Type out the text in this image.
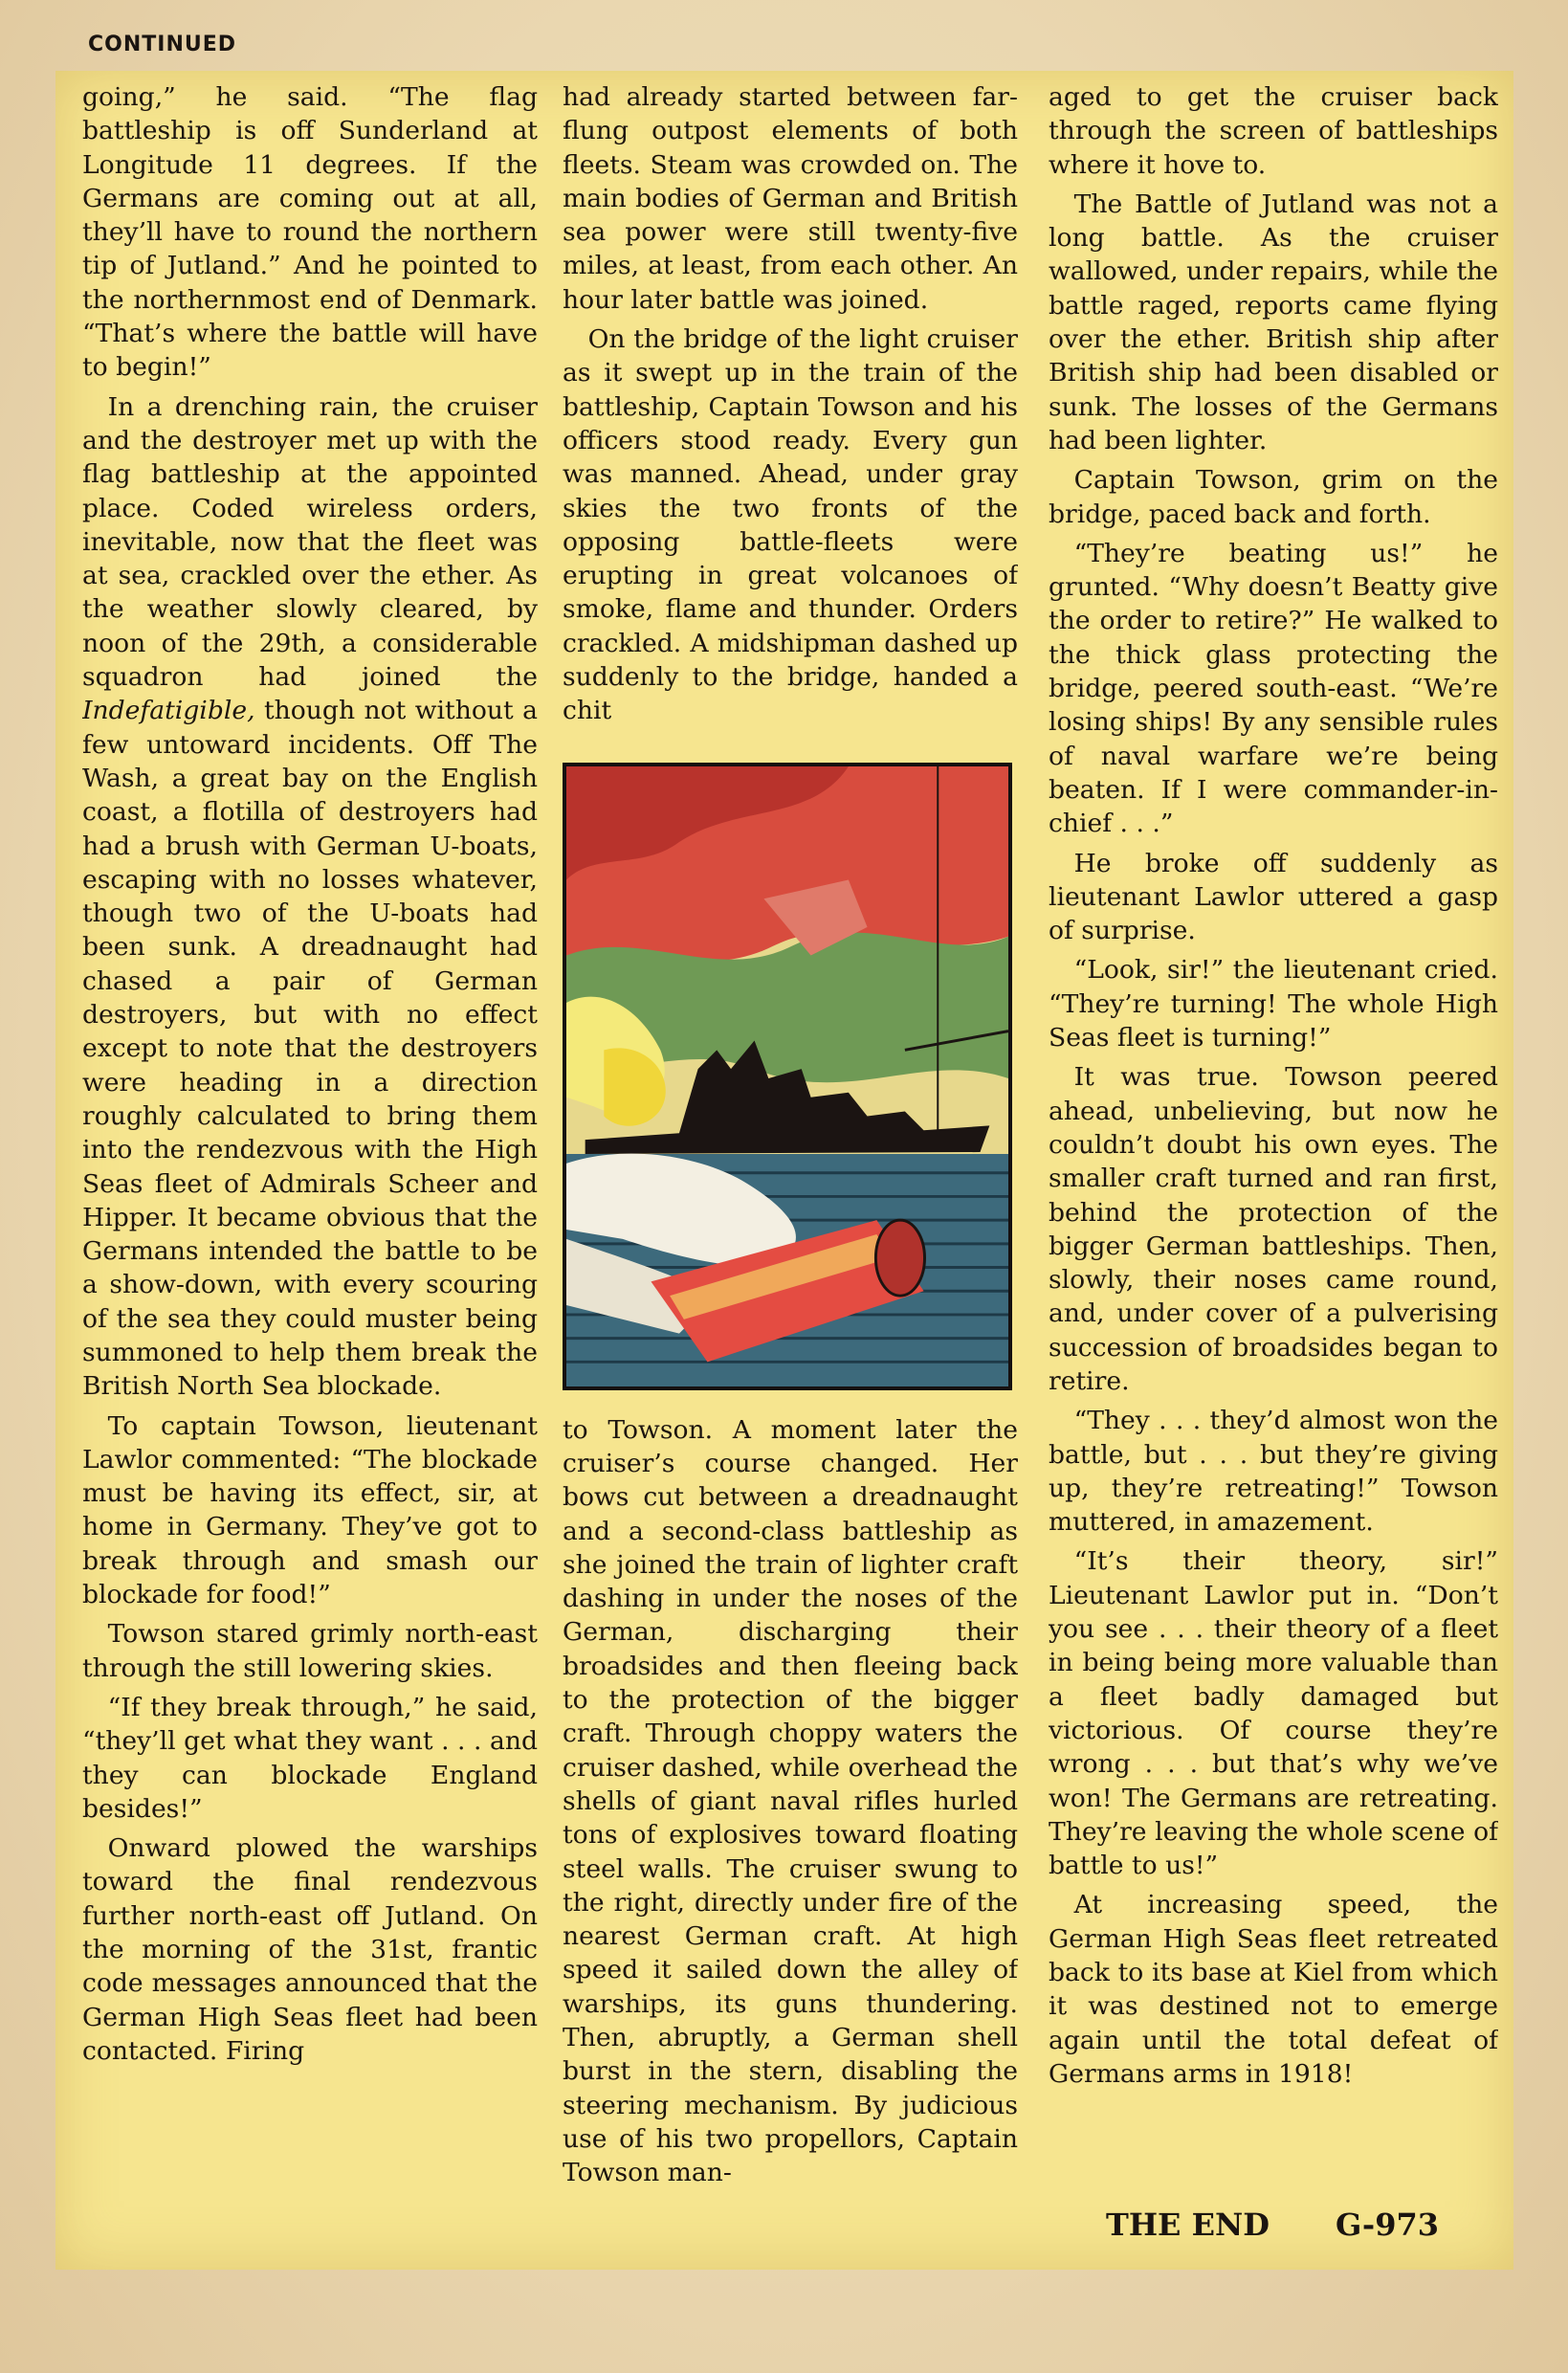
CONTINUED

going,” he said. “The flag battleship is off Sunderland at Longitude 11 degrees. If the Germans are coming out at all, they’ll have to round the northern tip of Jutland.” And he pointed to the northernmost end of Denmark. “That’s where the battle will have to begin!”

In a drenching rain, the cruiser and the destroyer met up with the flag battleship at the appointed place. Coded wireless orders, inevitable, now that the fleet was at sea, crackled over the ether. As the weather slowly cleared, by noon of the 29th, a considerable squadron had joined the Indefatigible, though not without a few untoward incidents. Off The Wash, a great bay on the English coast, a flotilla of destroyers had had a brush with German U-boats, escaping with no losses whatever, though two of the U-boats had been sunk. A dreadnaught had chased a pair of German destroyers, but with no effect except to note that the destroyers were heading in a direction roughly calculated to bring them into the rendezvous with the High Seas fleet of Admirals Scheer and Hipper. It became obvious that the Germans intended the battle to be a show-down, with every scouring of the sea they could muster being summoned to help them break the British North Sea blockade.

To captain Towson, lieutenant Lawlor commented: “The blockade must be having its effect, sir, at home in Germany. They’ve got to break through and smash our blockade for food!”

Towson stared grimly north-east through the still lowering skies.

“If they break through,” he said, “they’ll get what they want . . . and they can blockade England besides!”

Onward plowed the warships toward the final rendezvous further north-east off Jutland. On the morning of the 31st, frantic code messages announced that the German High Seas fleet had been contacted. Firing

had already started between far-flung outpost elements of both fleets. Steam was crowded on. The main bodies of German and British sea power were still twenty-five miles, at least, from each other. An hour later battle was joined.

On the bridge of the light cruiser as it swept up in the train of the battleship, Captain Towson and his officers stood ready. Every gun was manned. Ahead, under gray skies the two fronts of the opposing battle-fleets were erupting in great volcanoes of smoke, flame and thunder. Orders crackled. A midshipman dashed up suddenly to the bridge, handed a chit

to Towson. A moment later the cruiser’s course changed. Her bows cut between a dreadnaught and a second-class battleship as she joined the train of lighter craft dashing in under the noses of the German, discharging their broadsides and then fleeing back to the protection of the bigger craft. Through choppy waters the cruiser dashed, while overhead the shells of giant naval rifles hurled tons of explosives toward floating steel walls. The cruiser swung to the right, directly under fire of the nearest German craft. At high speed it sailed down the alley of warships, its guns thundering. Then, abruptly, a German shell burst in the stern, disabling the steering mechanism. By judicious use of his two propellors, Captain Towson man-

aged to get the cruiser back through the screen of battleships where it hove to.

The Battle of Jutland was not a long battle. As the cruiser wallowed, under repairs, while the battle raged, reports came flying over the ether. British ship after British ship had been disabled or sunk. The losses of the Germans had been lighter.

Captain Towson, grim on the bridge, paced back and forth.

“They’re beating us!” he grunted. “Why doesn’t Beatty give the order to retire?” He walked to the thick glass protecting the bridge, peered south-east. “We’re losing ships! By any sensible rules of naval warfare we’re being beaten. If I were commander-in-chief . . .”

He broke off suddenly as lieutenant Lawlor uttered a gasp of surprise.

“Look, sir!” the lieutenant cried. “They’re turning! The whole High Seas fleet is turning!”

It was true. Towson peered ahead, unbelieving, but now he couldn’t doubt his own eyes. The smaller craft turned and ran first, behind the protection of the bigger German battleships. Then, slowly, their noses came round, and, under cover of a pulverising succession of broadsides began to retire.

“They . . . they’d almost won the battle, but . . . but they’re giving up, they’re retreating!” Towson muttered, in amazement.

“It’s their theory, sir!” Lieutenant Lawlor put in. “Don’t you see . . . their theory of a fleet in being being more valuable than a fleet badly damaged but victorious. Of course they’re wrong . . . but that’s why we’ve won! The Germans are retreating. They’re leaving the whole scene of battle to us!”

At increasing speed, the German High Seas fleet retreated back to its base at Kiel from which it was destined not to emerge again until the total defeat of Germans arms in 1918!

THE END G-973
